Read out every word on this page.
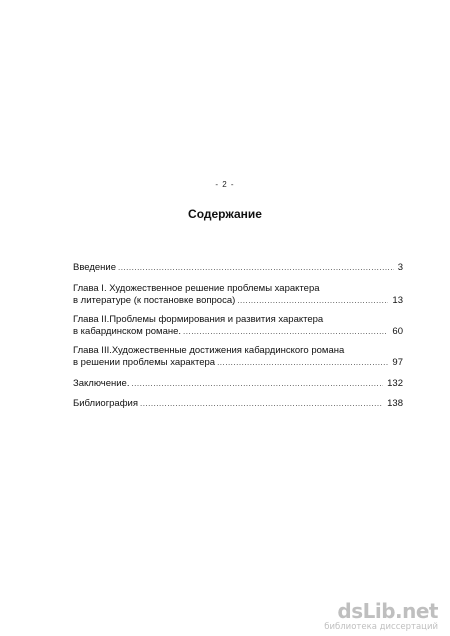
- 2 -
Содержание
Введение .....	3
Глава I. Художественное решение проблемы характера
в литературе (к постановке вопроса) .....	13
Глава II.Проблемы формирования и развития характера
в кабардинском романе. .....	60
Глава III.Художественные достижения кабардинского романа
в решении проблемы характера .....	97
Заключение. .....	132
Библиография .....	138
dsLib.net
библиотека диссертаций
